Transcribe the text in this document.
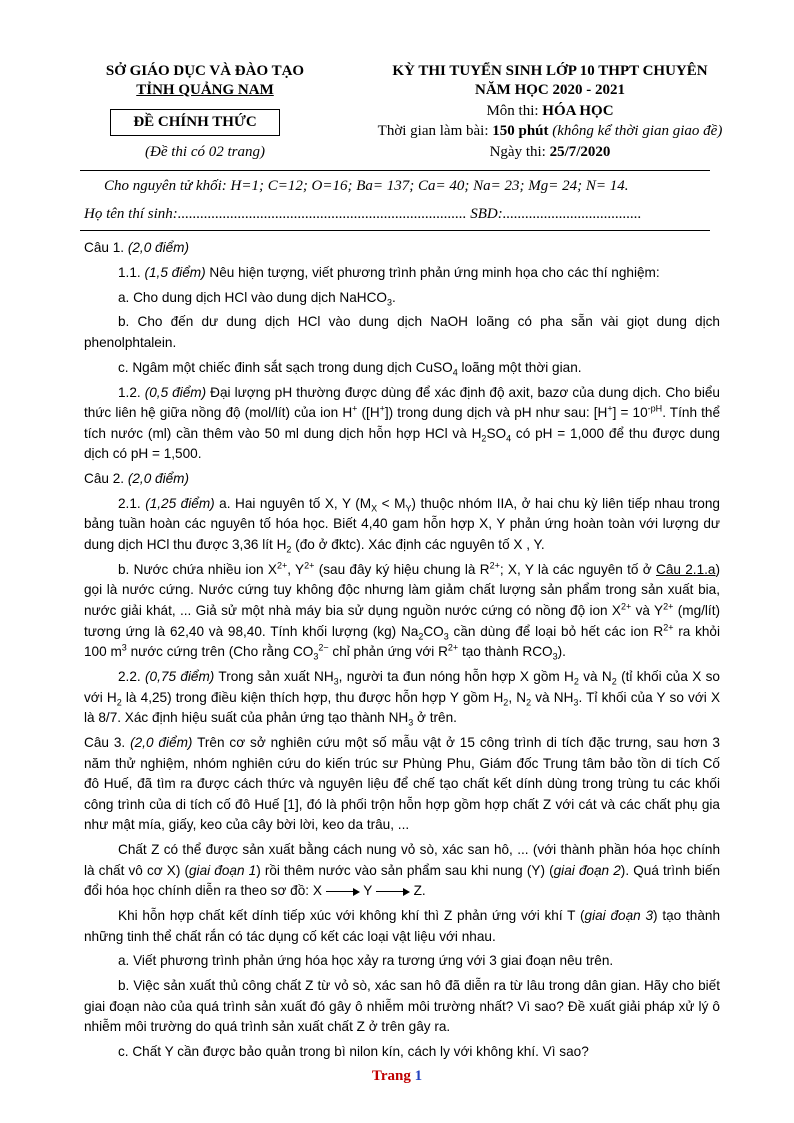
SỞ GIÁO DỤC VÀ ĐÀO TẠO
TỈNH QUẢNG NAM
ĐỀ CHÍNH THỨC
(Đề thi có 02 trang)
KỲ THI TUYỂN SINH LỚP 10 THPT CHUYÊN
NĂM HỌC 2020 - 2021
Môn thi: HÓA HỌC
Thời gian làm bài: 150 phút (không kể thời gian giao đề)
Ngày thi: 25/7/2020
Cho nguyên tử khối: H=1; C=12; O=16; Ba= 137; Ca= 40; Na= 23; Mg= 24; N= 14.
Họ tên thí sinh:............................................................................. SBD:.....................................

Câu 1. (2,0 điểm)

1.1. (1,5 điểm) Nêu hiện tượng, viết phương trình phản ứng minh họa cho các thí nghiệm:

a. Cho dung dịch HCl vào dung dịch NaHCO$_3$.

b. Cho đến dư dung dịch HCl vào dung dịch NaOH loãng có pha sẵn vài giọt dung dịch phenolphtalein.

c. Ngâm một chiếc đinh sắt sạch trong dung dịch CuSO$_4$ loãng một thời gian.

1.2. (0,5 điểm) Đại lượng pH thường được dùng để xác định độ axit, bazơ của dung dịch. Cho biểu thức liên hệ giữa nồng độ (mol/lít) của ion H+ ([H+]) trong dung dịch và pH như sau: $[H^+] = 10^{-pH}$. Tính thể tích nước (ml) cần thêm vào 50 ml dung dịch hỗn hợp HCl và $H_2SO_4$ có pH = 1,000 để thu được dung dịch có pH = 1,500.

Câu 2. (2,0 điểm)

2.1. (1,25 điểm) a. Hai nguyên tố X, Y $(M_X < M_Y)$ thuộc nhóm IIA, ở hai chu kỳ liên tiếp nhau trong bảng tuần hoàn các nguyên tố hóa học. Biết 4,40 gam hỗn hợp X, Y phản ứng hoàn toàn với lượng dư dung dịch HCl thu được 3,36 lít $H_2$ (đo ở đktc). Xác định các nguyên tố X , Y.

b. Nước chứa nhiều ion $X^{2+}$, $Y^{2+}$ (sau đây ký hiệu chung là $R^{2+}$; X, Y là các nguyên tố ở Câu 2.1.a) gọi là nước cứng. Nước cứng tuy không độc nhưng làm giảm chất lượng sản phẩm trong sản xuất bia, nước giải khát, ... Giả sử một nhà máy bia sử dụng nguồn nước cứng có nồng độ ion $X^{2+}$ và $Y^{2+}$ (mg/lít) tương ứng là 62,40 và 98,40. Tính khối lượng (kg) $Na_2CO_3$ cần dùng để loại bỏ hết các ion $R^{2+}$ ra khỏi 100 $m^3$ nước cứng trên (Cho rằng $CO_3^{2-}$ chỉ phản ứng với $R^{2+}$ tạo thành $RCO_3$).

2.2. (0,75 điểm) Trong sản xuất $NH_3$, người ta đun nóng hỗn hợp X gồm $H_2$ và $N_2$ (tỉ khối của X so với $H_2$ là 4,25) trong điều kiện thích hợp, thu được hỗn hợp Y gồm $H_2$, $N_2$ và $NH_3$. Tỉ khối của Y so với X là 8/7. Xác định hiệu suất của phản ứng tạo thành $NH_3$ ở trên.

Câu 3. (2,0 điểm) Trên cơ sở nghiên cứu một số mẫu vật ở 15 công trình di tích đặc trưng, sau hơn 3 năm thử nghiệm, nhóm nghiên cứu do kiến trúc sư Phùng Phu, Giám đốc Trung tâm bảo tồn di tích Cố đô Huế, đã tìm ra được cách thức và nguyên liệu để chế tạo chất kết dính dùng trong trùng tu các khối công trình của di tích cố đô Huế [1], đó là phối trộn hỗn hợp gồm hợp chất Z với cát và các chất phụ gia như mật mía, giấy, keo của cây bời lời, keo da trâu, ...

Chất Z có thể được sản xuất bằng cách nung vỏ sò, xác san hô, ... (với thành phần hóa học chính là chất vô cơ X) (giai đoạn 1) rồi thêm nước vào sản phẩm sau khi nung (Y) (giai đoạn 2). Quá trình biến đổi hóa học chính diễn ra theo sơ đồ: X	Y	Z.

Khi hỗn hợp chất kết dính tiếp xúc với không khí thì Z phản ứng với khí T (giai đoạn 3) tạo thành những tinh thể chất rắn có tác dụng cố kết các loại vật liệu với nhau.

a. Viết phương trình phản ứng hóa học xảy ra tương ứng với 3 giai đoạn nêu trên.

b. Việc sản xuất thủ công chất Z từ vỏ sò, xác san hô đã diễn ra từ lâu trong dân gian. Hãy cho biết giai đoạn nào của quá trình sản xuất đó gây ô nhiễm môi trường nhất? Vì sao? Đề xuất giải pháp xử lý ô nhiễm môi trường do quá trình sản xuất chất Z ở trên gây ra.

c. Chất Y cần được bảo quản trong bì nilon kín, cách ly với không khí. Vì sao?

Trang 1
